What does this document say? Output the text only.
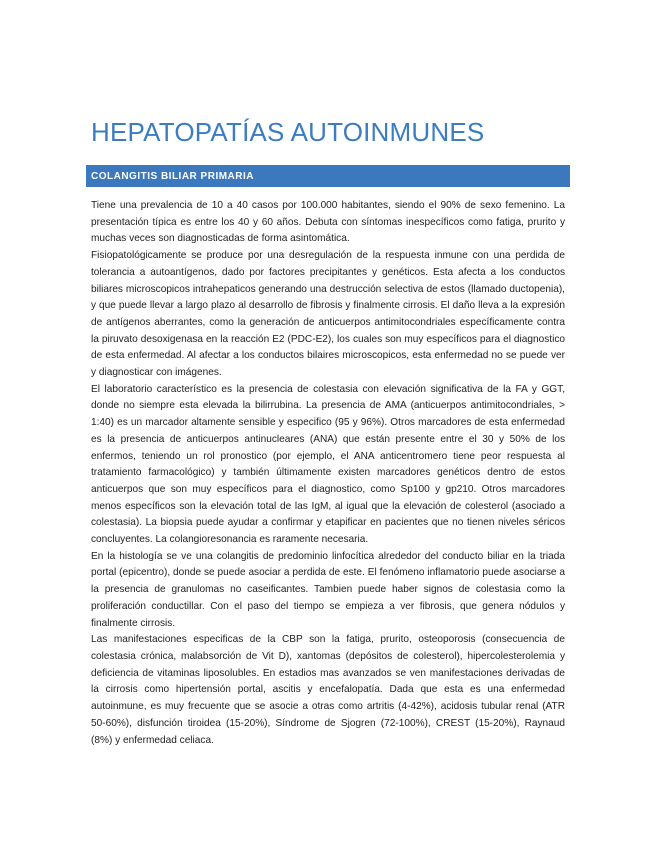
HEPATOPATÍAS AUTOINMUNES
COLANGITIS BILIAR PRIMARIA

Tiene una prevalencia de 10 a 40 casos por 100.000 habitantes, siendo el 90% de sexo femenino. La presentación típica es entre los 40 y 60 años. Debuta con síntomas inespecíficos como fatiga, prurito y muchas veces son diagnosticadas de forma asintomática.

Fisiopatológicamente se produce por una desregulación de la respuesta inmune con una perdida de tolerancia a autoantígenos, dado por factores precipitantes y genéticos. Esta afecta a los conductos biliares microscopicos intrahepaticos generando una destrucción selectiva de estos (llamado ductopenia), y que puede llevar a largo plazo al desarrollo de fibrosis y finalmente cirrosis. El daño lleva a la expresión de antígenos aberrantes, como la generación de anticuerpos antimitocondriales específicamente contra la piruvato desoxigenasa en la reacción E2 (PDC-E2), los cuales son muy específicos para el diagnostico de esta enfermedad. Al afectar a los conductos bilaires microscopicos, esta enfermedad no se puede ver y diagnosticar con imágenes.

El laboratorio característico es la presencia de colestasia con elevación significativa de la FA y GGT, donde no siempre esta elevada la bilirrubina. La presencia de AMA (anticuerpos antimitocondriales, > 1:40) es un marcador altamente sensible y especifico (95 y 96%). Otros marcadores de esta enfermedad es la presencia de anticuerpos antinucleares (ANA) que están presente entre el 30 y 50% de los enfermos, teniendo un rol pronostico (por ejemplo, el ANA anticentromero tiene peor respuesta al tratamiento farmacológico) y también últimamente existen marcadores genéticos dentro de estos anticuerpos que son muy específicos para el diagnostico, como Sp100 y gp210. Otros marcadores menos específicos son la elevación total de las IgM, al igual que la elevación de colesterol (asociado a colestasia). La biopsia puede ayudar a confirmar y etapificar en pacientes que no tienen niveles séricos concluyentes. La colangioresonancia es raramente necesaria.

En la histología se ve una colangitis de predominio linfocítica alrededor del conducto biliar en la triada portal (epicentro), donde se puede asociar a perdida de este. El fenómeno inflamatorio puede asociarse a la presencia de granulomas no caseificantes. Tambien puede haber signos de colestasia como la proliferación conductillar. Con el paso del tiempo se empieza a ver fibrosis, que genera nódulos y finalmente cirrosis.

Las manifestaciones especificas de la CBP son la fatiga, prurito, osteoporosis (consecuencia de colestasia crónica, malabsorción de Vit D), xantomas (depósitos de colesterol), hipercolesterolemia y deficiencia de vitaminas liposolubles. En estadios mas avanzados se ven manifestaciones derivadas de la cirrosis como hipertensión portal, ascitis y encefalopatía. Dada que esta es una enfermedad autoinmune, es muy frecuente que se asocie a otras como artritis (4-42%), acidosis tubular renal (ATR 50-60%), disfunción tiroidea (15-20%), Síndrome de Sjogren (72-100%), CREST (15-20%), Raynaud (8%) y enfermedad celiaca.
